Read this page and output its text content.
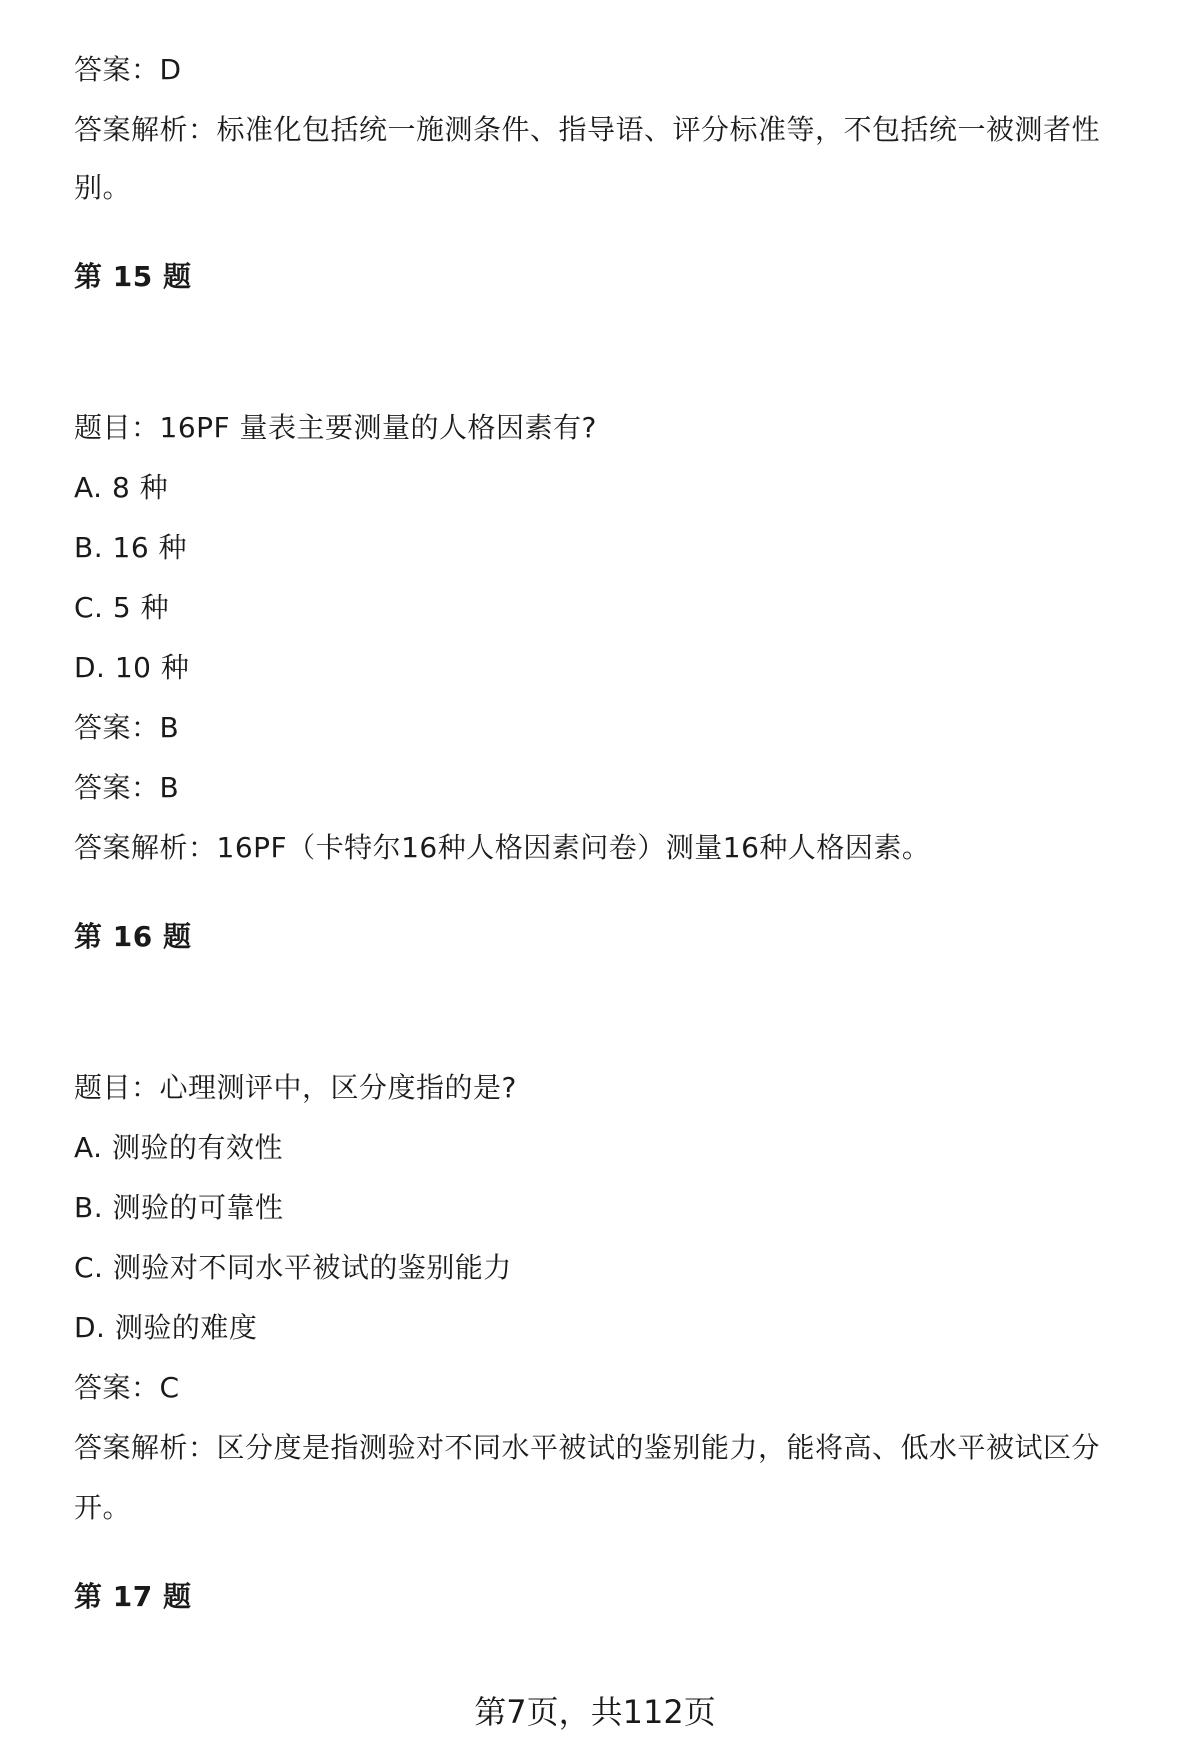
答案：D
答案解析：标准化包括统一施测条件、指导语、评分标准等，不包括统一被测者性
别。
第 15 题
题目：16PF 量表主要测量的人格因素有?
A. 8 种
B. 16 种
C. 5 种
D. 10 种
答案：B
答案：B
答案解析：16PF（卡特尔16种人格因素问卷）测量16种人格因素。
第 16 题
题目：心理测评中，区分度指的是?
A. 测验的有效性
B. 测验的可靠性
C. 测验对不同水平被试的鉴别能力
D. 测验的难度
答案：C
答案解析：区分度是指测验对不同水平被试的鉴别能力，能将高、低水平被试区分
开。
第 17 题
第7页，共112页
